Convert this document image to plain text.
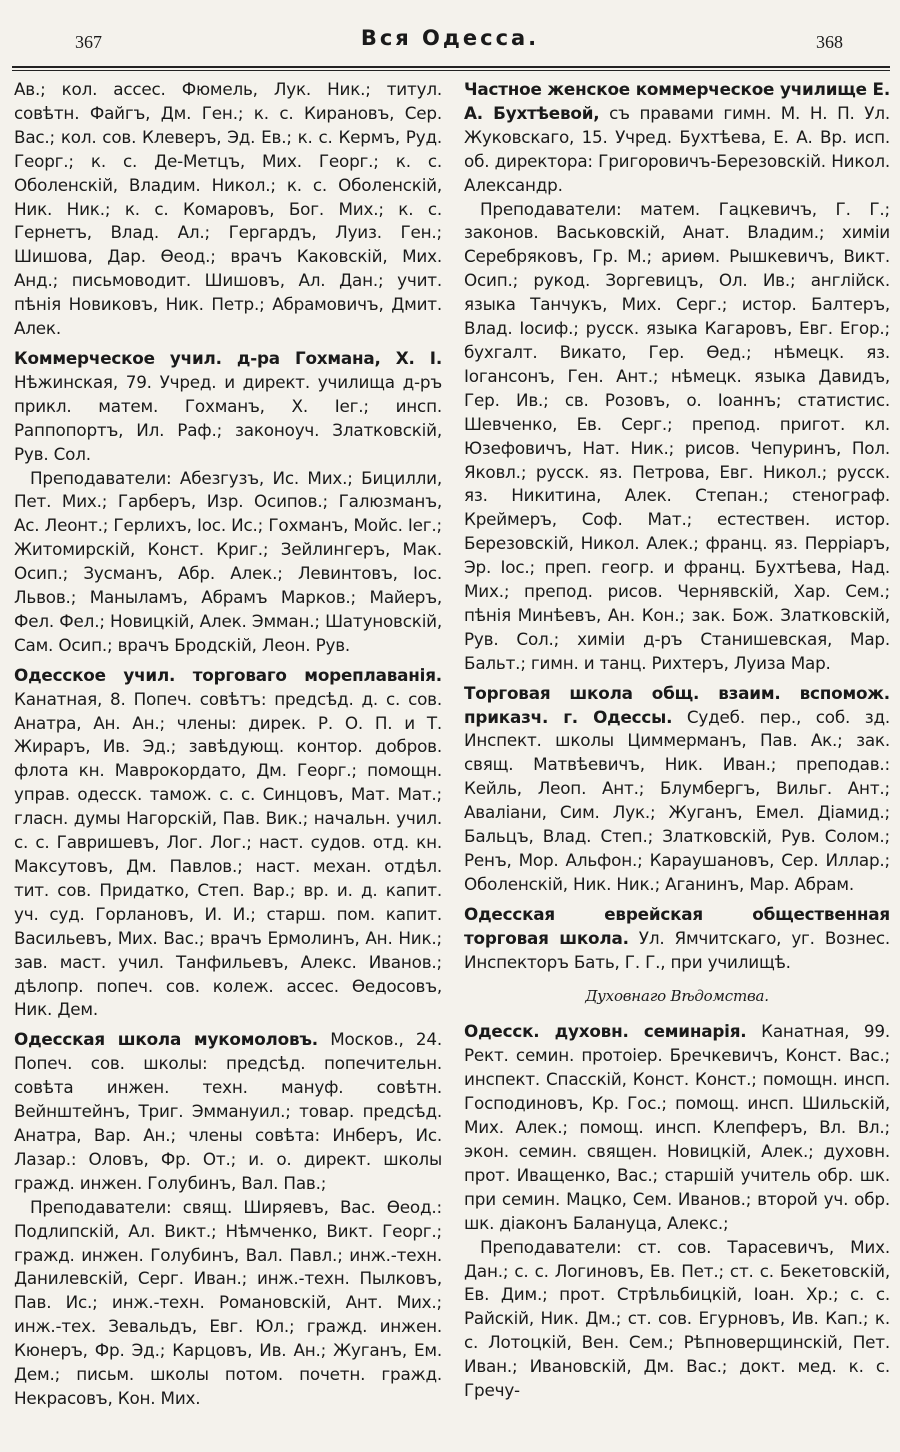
367	Вся Одесса.	368

Ав.; кол. ассес. Фюмель, Лук. Ник.; титул. совѣтн. Файгъ, Дм. Ген.; к. с. Кирановъ, Сер. Вас.; кол. сов. Клеверъ, Эд. Ев.; к. с. Кермъ, Руд. Георг.; к. с. Де-Метцъ, Мих. Георг.; к. с. Оболенскій, Владим. Никол.; к. с. Оболенскій, Ник. Ник.; к. с. Комаровъ, Бог. Мих.; к. с. Гернетъ, Влад. Ал.; Гергардъ, Луиз. Ген.; Шишова, Дар. Ѳеод.; врачъ Каковскій, Мих. Анд.; письмоводит. Шишовъ, Ал. Дан.; учит. пѣнія Новиковъ, Ник. Петр.; Абрамовичъ, Дмит. Алек.

Коммерческое учил. д-ра Гохмана, Х. І. Нѣжинская, 79. Учред. и директ. училища д-ръ прикл. матем. Гохманъ, Х. Іег.; инсп. Раппопортъ, Ил. Раф.; законоуч. Златковскій, Рув. Сол.

Преподаватели: Абезгузъ, Ис. Мих.; Бицилли, Пет. Мих.; Гарберъ, Изр. Осипов.; Галюзманъ, Ас. Леонт.; Герлихъ, Іос. Ис.; Гохманъ, Мойс. Іег.; Житомирскій, Конст. Криг.; Зейлингеръ, Мак. Осип.; Зусманъ, Абр. Алек.; Левинтовъ, Іос. Львов.; Маныламъ, Абрамъ Марков.; Майеръ, Фел. Фел.; Новицкій, Алек. Эмман.; Шатуновскій, Сам. Осип.; врачъ Бродскій, Леон. Рув.

Одесское учил. торговаго мореплаванія. Канатная, 8. Попеч. совѣтъ: предсѣд. д. с. сов. Анатра, Ан. Ан.; члены: дирек. Р. О. П. и Т. Жираръ, Ив. Эд.; завѣдующ. контор. добров. флота кн. Маврокордато, Дм. Георг.; помощн. управ. одесск. тамож. с. с. Синцовъ, Мат. Мат.; гласн. думы Нагорскій, Пав. Вик.; начальн. учил. с. с. Гавришевъ, Лог. Лог.; наст. судов. отд. кн. Максутовъ, Дм. Павлов.; наст. механ. отдѣл. тит. сов. Придатко, Степ. Вар.; вр. и. д. капит. уч. суд. Горлановъ, И. И.; старш. пом. капит. Васильевъ, Мих. Вас.; врачъ Ермолинъ, Ан. Ник.; зав. маст. учил. Танфильевъ, Алекс. Иванов.; дѣлопр. попеч. сов. колеж. ассес. Ѳедосовъ, Ник. Дем.

Одесская школа мукомоловъ. Москов., 24. Попеч. сов. школы: предсѣд. попечительн. совѣта инжен. техн. мануф. совѣтн. Вейнштейнъ, Триг. Эммануил.; товар. предсѣд. Анатра, Вар. Ан.; члены совѣта: Инберъ, Ис. Лазар.: Оловъ, Фр. От.; и. о. директ. школы гражд. инжен. Голубинъ, Вал. Пав.;

Преподаватели: свящ. Ширяевъ, Вас. Ѳеод.: Подлипскій, Ал. Викт.; Нѣмченко, Викт. Георг.; гражд. инжен. Голубинъ, Вал. Павл.; инж.-техн. Данилевскій, Серг. Иван.; инж.-техн. Пылковъ, Пав. Ис.; инж.-техн. Романовскій, Ант. Мих.; инж.-тех. Зевальдъ, Евг. Юл.; гражд. инжен. Кюнеръ, Фр. Эд.; Карцовъ, Ив. Ан.; Жуганъ, Ем. Дем.; письм. школы потом. почетн. гражд. Некрасовъ, Кон. Мих.

Частное женское коммерческое училище Е. А. Бухтѣевой, съ правами гимн. М. Н. П. Ул. Жуковскаго, 15. Учред. Бухтѣева, Е. А. Вр. исп. об. директора: Григоровичъ-Березовскій. Никол. Александр.

Преподаватели: матем. Гацкевичъ, Г. Г.; законов. Васьковскій, Анат. Владим.; химіи Серебряковъ, Гр. М.; ариѳм. Рышкевичъ, Викт. Осип.; рукод. Зоргевицъ, Ол. Ив.; англійск. языка Танчукъ, Мих. Серг.; истор. Балтеръ, Влад. Іосиф.; русск. языка Кагаровъ, Евг. Егор.; бухгалт. Викато, Гер. Ѳед.; нѣмецк. яз. Іогансонъ, Ген. Ант.; нѣмецк. языка Давидъ, Гер. Ив.; св. Розовъ, о. Іоаннъ; статистис. Шевченко, Ев. Серг.; препод. пригот. кл. Юзефовичъ, Нат. Ник.; рисов. Чепуринъ, Пол. Яковл.; русск. яз. Петрова, Евг. Никол.; русск. яз. Никитина, Алек. Степан.; стенограф. Креймеръ, Соф. Мат.; естествен. истор. Березовскій, Никол. Алек.; франц. яз. Перріаръ, Эр. Іос.; преп. геогр. и франц. Бухтѣева, Над. Мих.; препод. рисов. Чернявскій, Хар. Сем.; пѣнія Минѣевъ, Ан. Кон.; зак. Бож. Златковскій, Рув. Сол.; химіи д-ръ Станишевская, Мар. Бальт.; гимн. и танц. Рихтеръ, Луиза Мар.

Торговая школа общ. взаим. вспомож. приказч. г. Одессы. Судеб. пер., соб. зд. Инспект. школы Циммерманъ, Пав. Ак.; зак. свящ. Матвѣевичъ, Ник. Иван.; преподав.: Кейль, Леоп. Ант.; Блумбергъ, Вильг. Ант.; Аваліани, Сим. Лук.; Жуганъ, Емел. Діамид.; Бальцъ, Влад. Степ.; Златковскій, Рув. Солом.; Ренъ, Мор. Альфон.; Караушановъ, Сер. Иллар.; Оболенскій, Ник. Ник.; Аганинъ, Мар. Абрам.

Одесская еврейская общественная торговая школа. Ул. Ямчитскаго, уг. Вознес. Инспекторъ Бать, Г. Г., при училищѣ.

Духовнаго Вѣдомства.

Одесск. духовн. семинарія. Канатная, 99. Рект. семин. протоіер. Бречкевичъ, Конст. Вас.; инспект. Спасскій, Конст. Конст.; помощн. инсп. Господиновъ, Кр. Гос.; помощ. инсп. Шильскій, Мих. Алек.; помощ. инсп. Клепферъ, Вл. Вл.; экон. семин. священ. Новицкій, Алек.; духовн. прот. Иващенко, Вас.; старшій учитель обр. шк. при семин. Мацко, Сем. Иванов.; второй уч. обр. шк. діаконъ Балануца, Алекс.;

Преподаватели: ст. сов. Тарасевичъ, Мих. Дан.; с. с. Логиновъ, Ев. Пет.; ст. с. Бекетовскій, Ев. Дим.; прот. Стрѣльбицкій, Іоан. Хр.; с. с. Райскій, Ник. Дм.; ст. сов. Егурновъ, Ив. Кап.; к. с. Лотоцкій, Вен. Сем.; Рѣпноверщинскій, Пет. Иван.; Ивановскій, Дм. Вас.; докт. мед. к. с. Гречу-
